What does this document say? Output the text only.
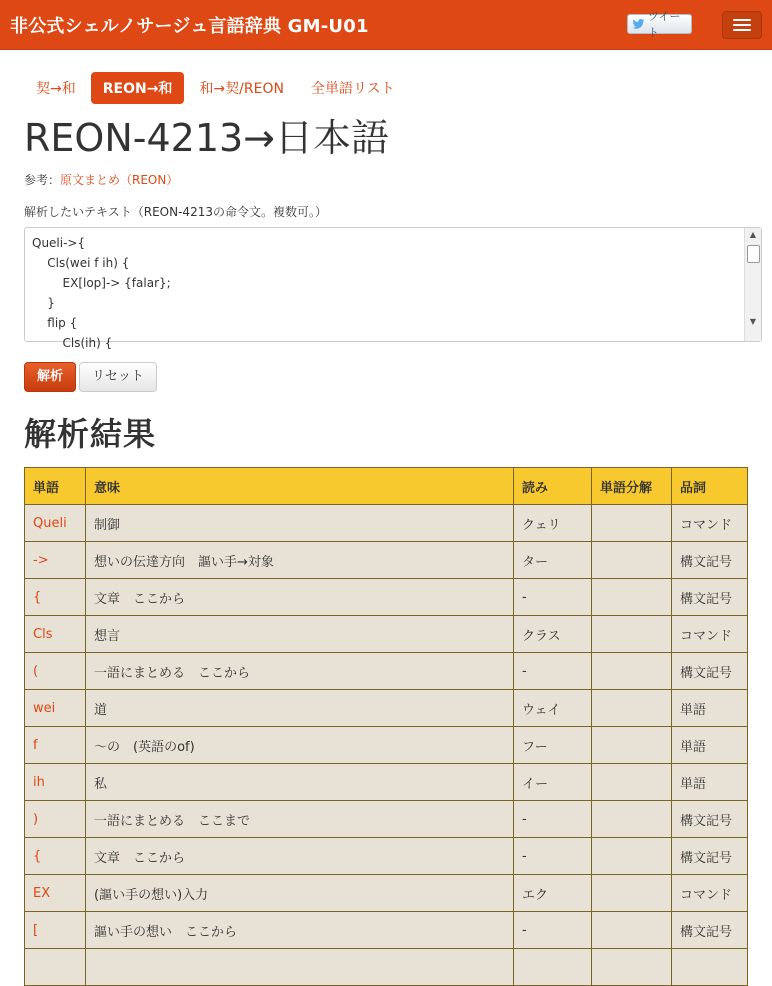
非公式シェルノサージュ言語辞典 GM-U01	ツイート
契→和	REON→和	和→契/REON	全単語リスト
REON-4213→日本語
参考：原文まとめ（REON）
解析したいテキスト（REON-4213の命令文。複数可。）
Queli->{
Cls(wei f ih) {
EX[lop]-> {falar};
}
flip {
Cls(ih) {
▲
▼
解析	リセット
解析結果
単語	意味	読み	単語分解	品詞
Queli	制御	クェリ		コマンド
->	想いの伝達方向　謳い手→対象	ター		構文記号
{	文章　ここから	-		構文記号
Cls	想言	クラス		コマンド
(	一語にまとめる　ここから	-		構文記号
wei	道	ウェイ		単語
f	〜の　(英語のof)	フー		単語
ih	私	イー		単語
)	一語にまとめる　ここまで	-		構文記号
{	文章　ここから	-		構文記号
EX	(謳い手の想い)入力	エク		コマンド
[	謳い手の想い　ここから	-		構文記号
